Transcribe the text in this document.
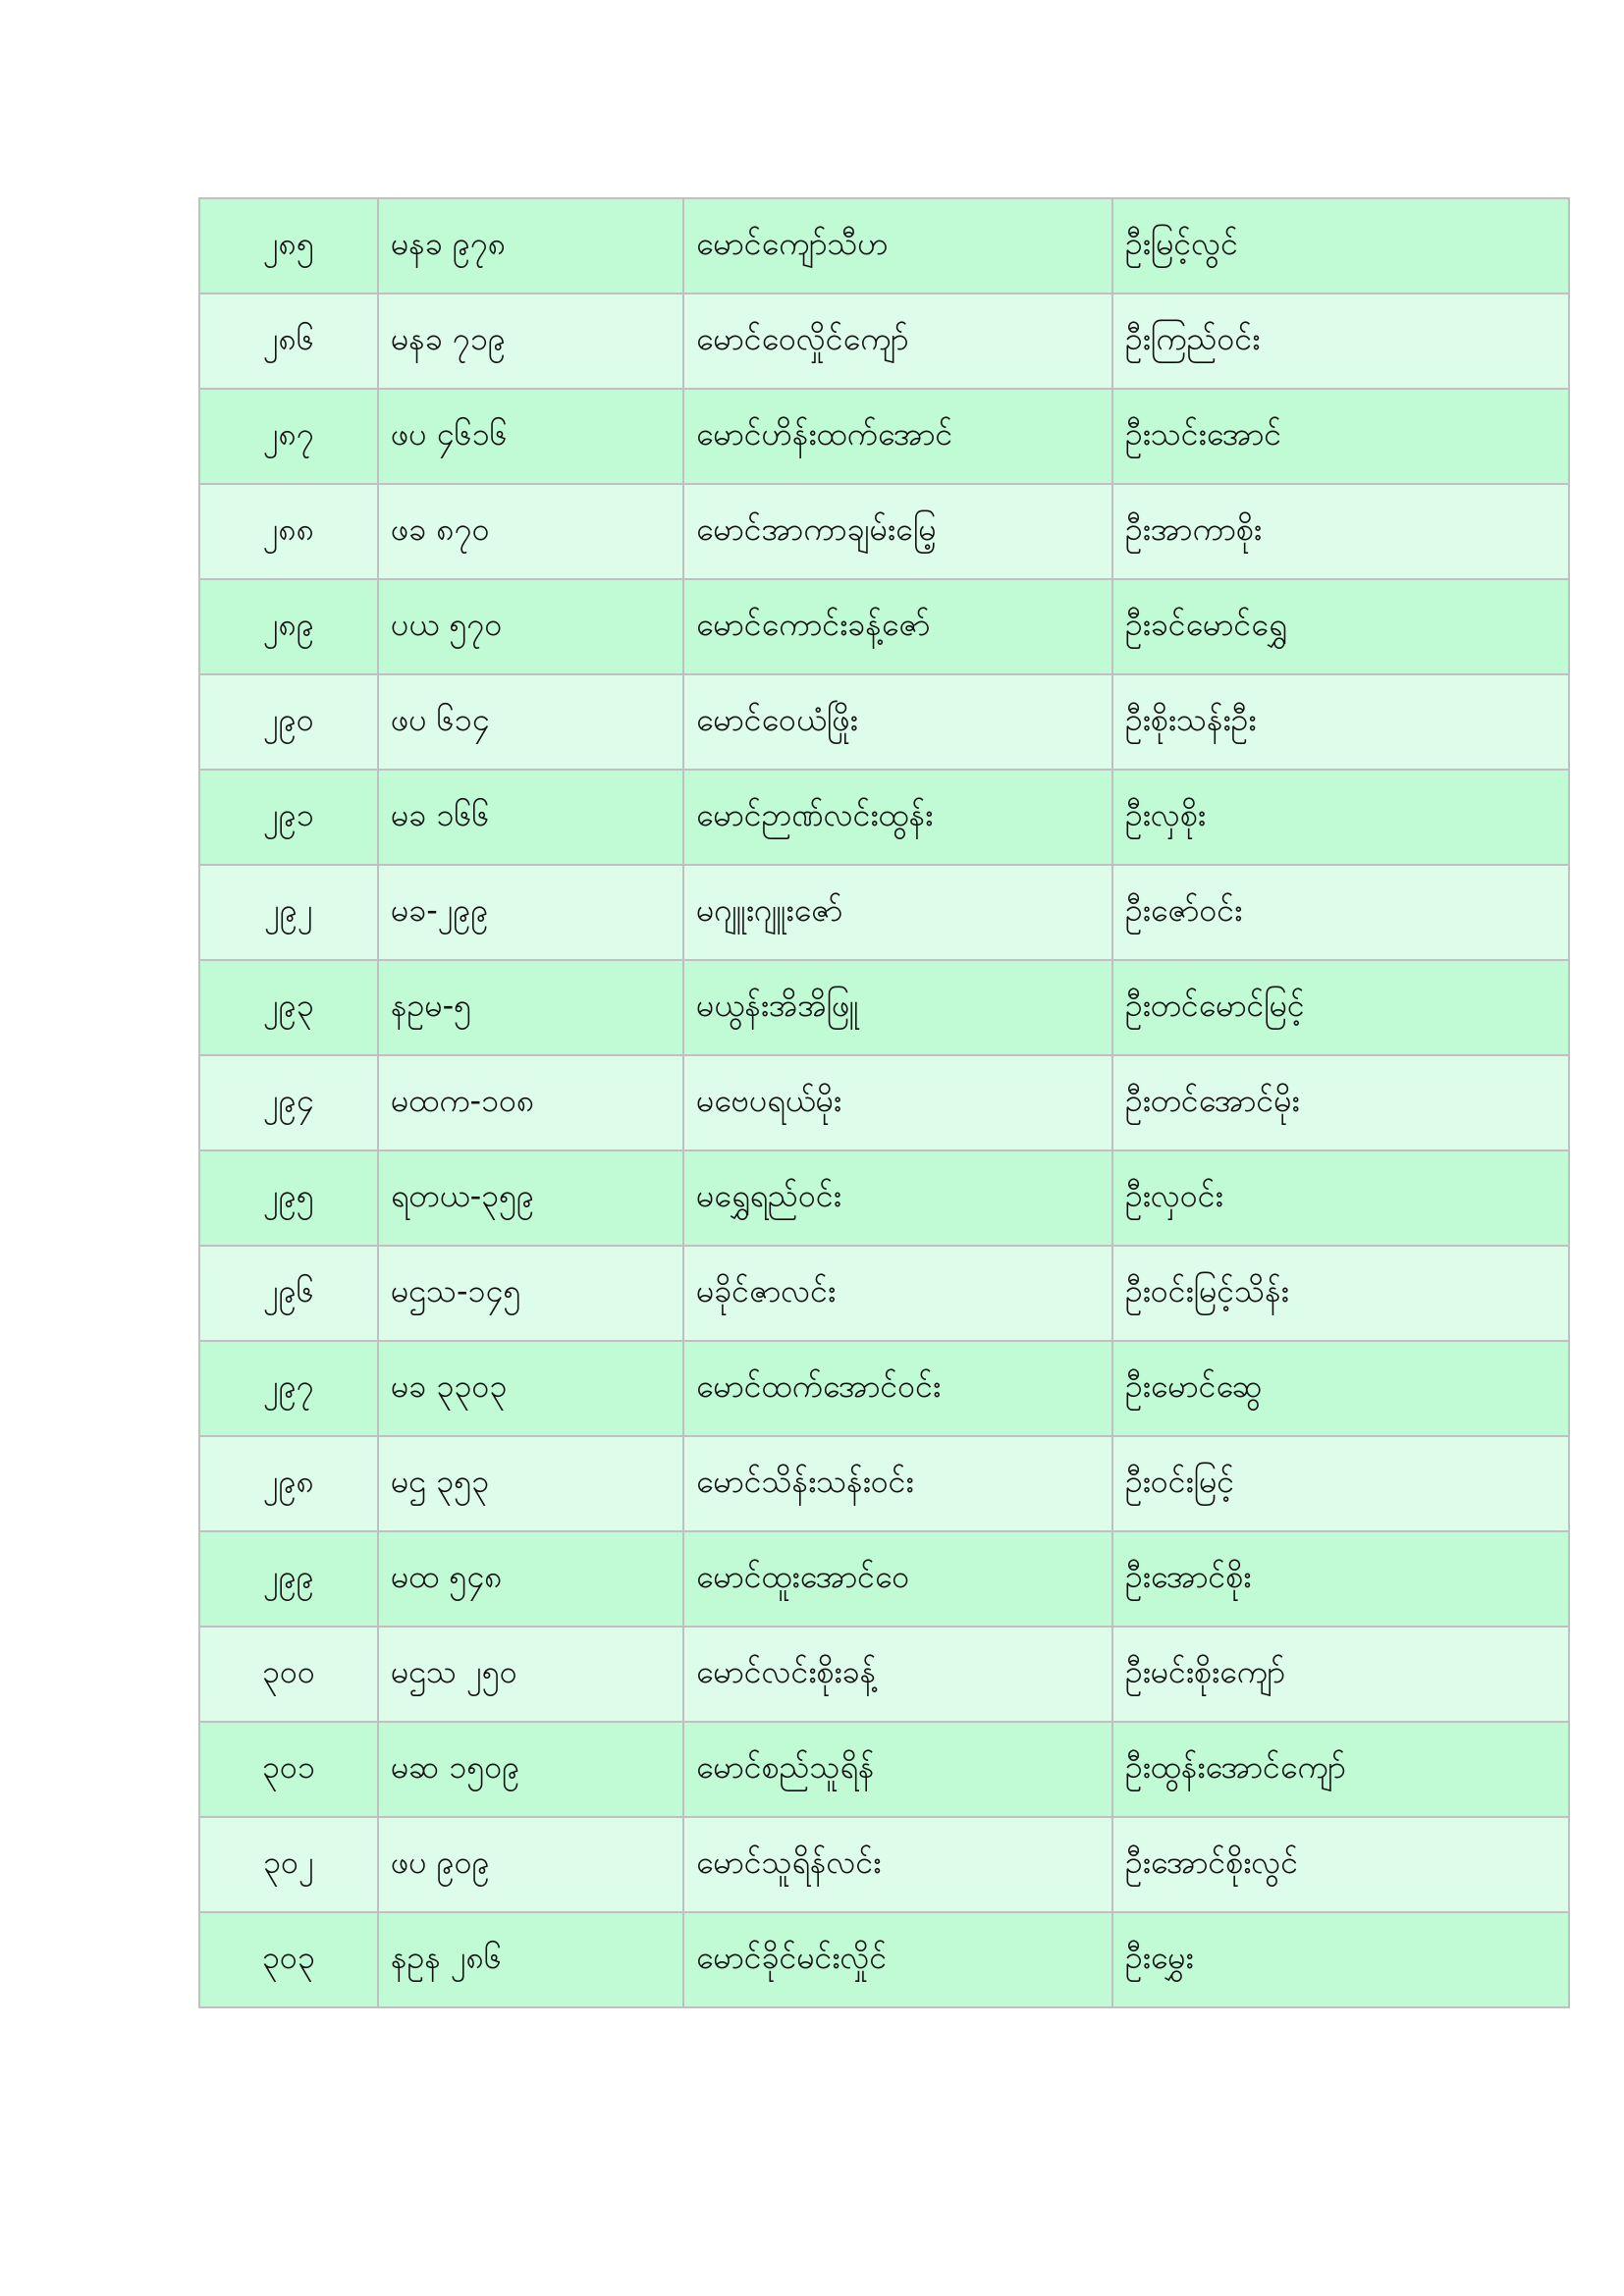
၂၈၅	မနခ ၉၇၈	မောင်ကျော်သီဟ	ဦးမြင့်လွင်
၂၈၆	မနခ ၇၁၉	မောင်ဝေလှိုင်ကျော်	ဦးကြည်ဝင်း
၂၈၇	ဖပ ၄၆၁၆	မောင်ဟိန်းထက်အောင်	ဦးသင်းအောင်
၂၈၈	ဖခ ၈၇၀	မောင်အာကာချမ်းမြေ့	ဦးအာကာစိုး
၂၈၉	ပယ ၅၇၀	မောင်ကောင်းခန့်ဇော်	ဦးခင်မောင်ရွှေ
၂၉၀	ဖပ ၆၁၄	မောင်ဝေယံဖြိုး	ဦးစိုးသန်းဦး
၂၉၁	မခ ၁၆၆	မောင်ဉာဏ်လင်းထွန်း	ဦးလှစိုး
၂၉၂	မခ-၂၉၉	မဂျူးဂျူးဇော်	ဦးဇော်ဝင်း
၂၉၃	နဥမ-၅	မယွန်းအိအိဖြူ	ဦးတင်မောင်မြင့်
၂၉၄	မထက-၁၀၈	မဗေပရယ်မိုး	ဦးတင်အောင်မိုး
၂၉၅	ရတယ-၃၅၉	မရွှေရည်ဝင်း	ဦးလှဝင်း
၂၉၆	မဌသ-၁၄၅	မခိုင်ဇာလင်း	ဦးဝင်းမြင့်သိန်း
၂၉၇	မခ ၃၃၀၃	မောင်ထက်အောင်ဝင်း	ဦးမောင်ဆွေ
၂၉၈	မဌ ၃၅၃	မောင်သိန်းသန်းဝင်း	ဦးဝင်းမြင့်
၂၉၉	မထ ၅၄၈	မောင်ထူးအောင်ဝေ	ဦးအောင်စိုး
၃၀၀	မဌသ ၂၅၀	မောင်လင်းစိုးခန့်	ဦးမင်းစိုးကျော်
၃၀၁	မဆ ၁၅၀၉	မောင်စည်သူရိန်	ဦးထွန်းအောင်ကျော်
၃၀၂	ဖပ ၉၀၉	မောင်သူရိန်လင်း	ဦးအောင်စိုးလွင်
၃၀၃	နဥန ၂၈၆	မောင်ခိုင်မင်းလှိုင်	ဦးမွှေး
